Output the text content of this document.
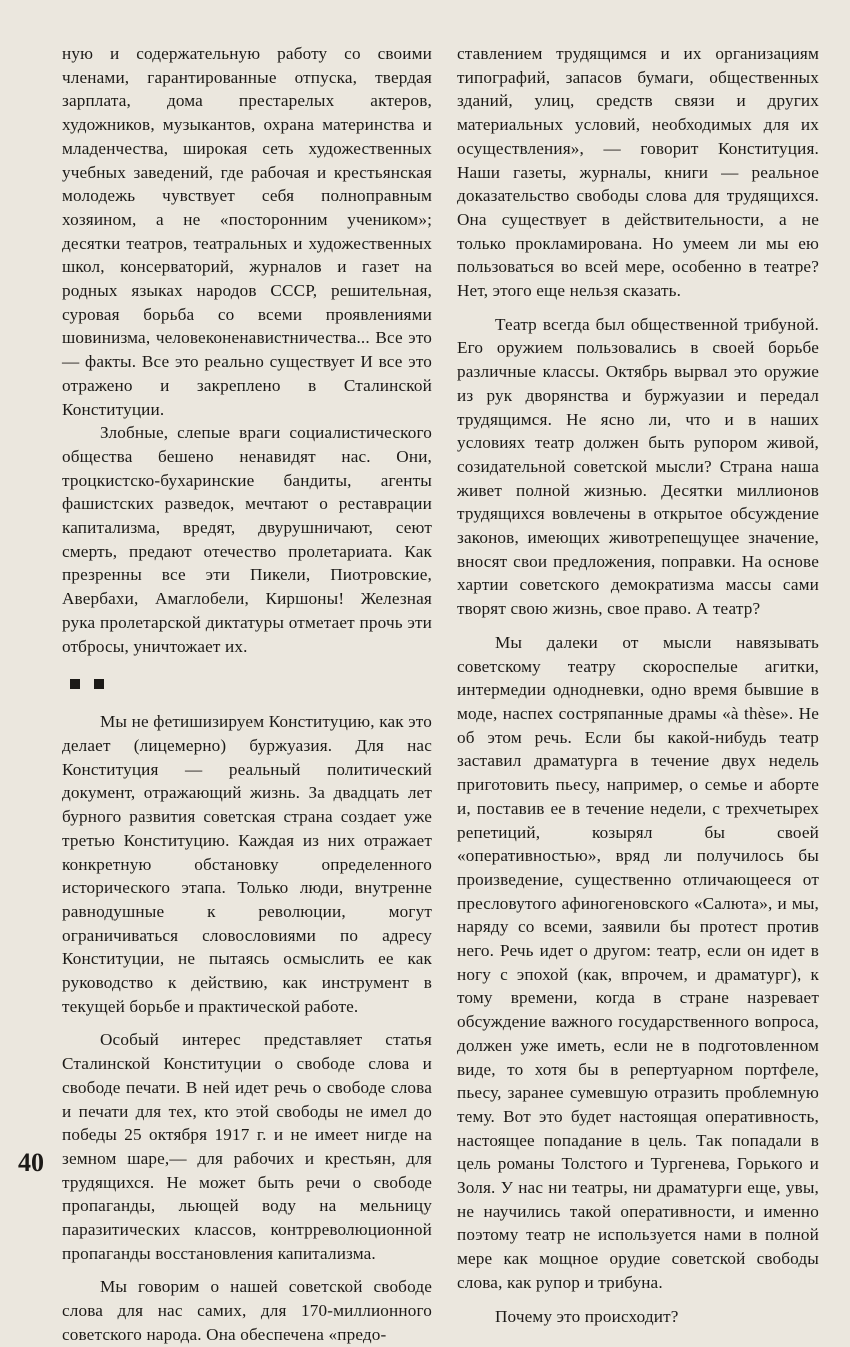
ную и содержательную работу со своими членами, гарантированные отпуска, твердая зарплата, дома престарелых актеров, художников, музыкантов, охрана материнства и младенчества, широкая сеть художественных учебных заведений, где рабочая и крестьянская молодежь чувствует себя полноправным хозяином, а не «посторонним учеником»; десятки театров, театральных и художественных школ, консерваторий, журналов и газет на родных языках народов СССР, решительная, суровая борьба со всеми проявлениями шовинизма, человеконенавистничества... Все это — факты. Все это реально существует И все это отражено и закреплено в Сталинской Конституции.

Злобные, слепые враги социалистического общества бешено ненавидят нас. Они, троцкистско-бухаринские бандиты, агенты фашистских разведок, мечтают о реставрации капитализма, вредят, двурушничают, сеют смерть, предают отечество пролетариата. Как презренны все эти Пикели, Пиотровские, Авербахи, Амаглобели, Киршоны! Железная рука пролетарской диктатуры отметает прочь эти отбросы, уничтожает их.

Мы не фетишизируем Конституцию, как это делает (лицемерно) буржуазия. Для нас Конституция — реальный политический документ, отражающий жизнь. За двадцать лет бурного развития советская страна создает уже третью Конституцию. Каждая из них отражает конкретную обстановку определенного исторического этапа. Только люди, внутренне равнодушные к революции, могут ограничиваться словословиями по адресу Конституции, не пытаясь осмыслить ее как руководство к действию, как инструмент в текущей борьбе и практической работе.

Особый интерес представляет статья Сталинской Конституции о свободе слова и свободе печати. В ней идет речь о свободе слова и печати для тех, кто этой свободы не имел до победы 25 октября 1917 г. и не имеет нигде на земном шаре,— для рабочих и крестьян, для трудящихся. Не может быть речи о свободе пропаганды, льющей воду на мельницу паразитических классов, контрреволюционной пропаганды восстановления капитализма.

Мы говорим о нашей советской свободе слова для нас самих, для 170-миллионного советского народа. Она обеспечена «предо-

ставлением трудящимся и их организациям типографий, запасов бумаги, общественных зданий, улиц, средств связи и других материальных условий, необходимых для их осуществления», — говорит Конституция. Наши газеты, журналы, книги — реальное доказательство свободы слова для трудящихся. Она существует в действительности, а не только прокламирована. Но умеем ли мы ею пользоваться во всей мере, особенно в театре? Нет, этого еще нельзя сказать.

Театр всегда был общественной трибуной. Его оружием пользовались в своей борьбе различные классы. Октябрь вырвал это оружие из рук дворянства и буржуазии и передал трудящимся. Не ясно ли, что и в наших условиях театр должен быть рупором живой, созидательной советской мысли? Страна наша живет полной жизнью. Десятки миллионов трудящихся вовлечены в открытое обсуждение законов, имеющих животрепещущее значение, вносят свои предложения, поправки. На основе хартии советского демократизма массы сами творят свою жизнь, свое право. А театр?

Мы далеки от мысли навязывать советскому театру скороспелые агитки, интермедии однодневки, одно время бывшие в моде, наспех состряпанные драмы «à thèse». Не об этом речь. Если бы какой-нибудь театр заставил драматурга в течение двух недель приготовить пьесу, например, о семье и аборте и, поставив ее в течение недели, с трехчетырех репетиций, козырял бы своей «оперативностью», вряд ли получилось бы произведение, существенно отличающееся от пресловутого афиногеновского «Салюта», и мы, наряду со всеми, заявили бы протест против него. Речь идет о другом: театр, если он идет в ногу с эпохой (как, впрочем, и драматург), к тому времени, когда в стране назревает обсуждение важного государственного вопроса, должен уже иметь, если не в подготовленном виде, то хотя бы в репертуарном портфеле, пьесу, заранее сумевшую отразить проблемную тему. Вот это будет настоящая оперативность, настоящее попадание в цель. Так попадали в цель романы Толстого и Тургенева, Горького и Золя. У нас ни театры, ни драматурги еще, увы, не научились такой оперативности, и именно поэтому театр не используется нами в полной мере как мощное орудие советской свободы слова, как рупор и трибуна.

Почему это происходит?

40
